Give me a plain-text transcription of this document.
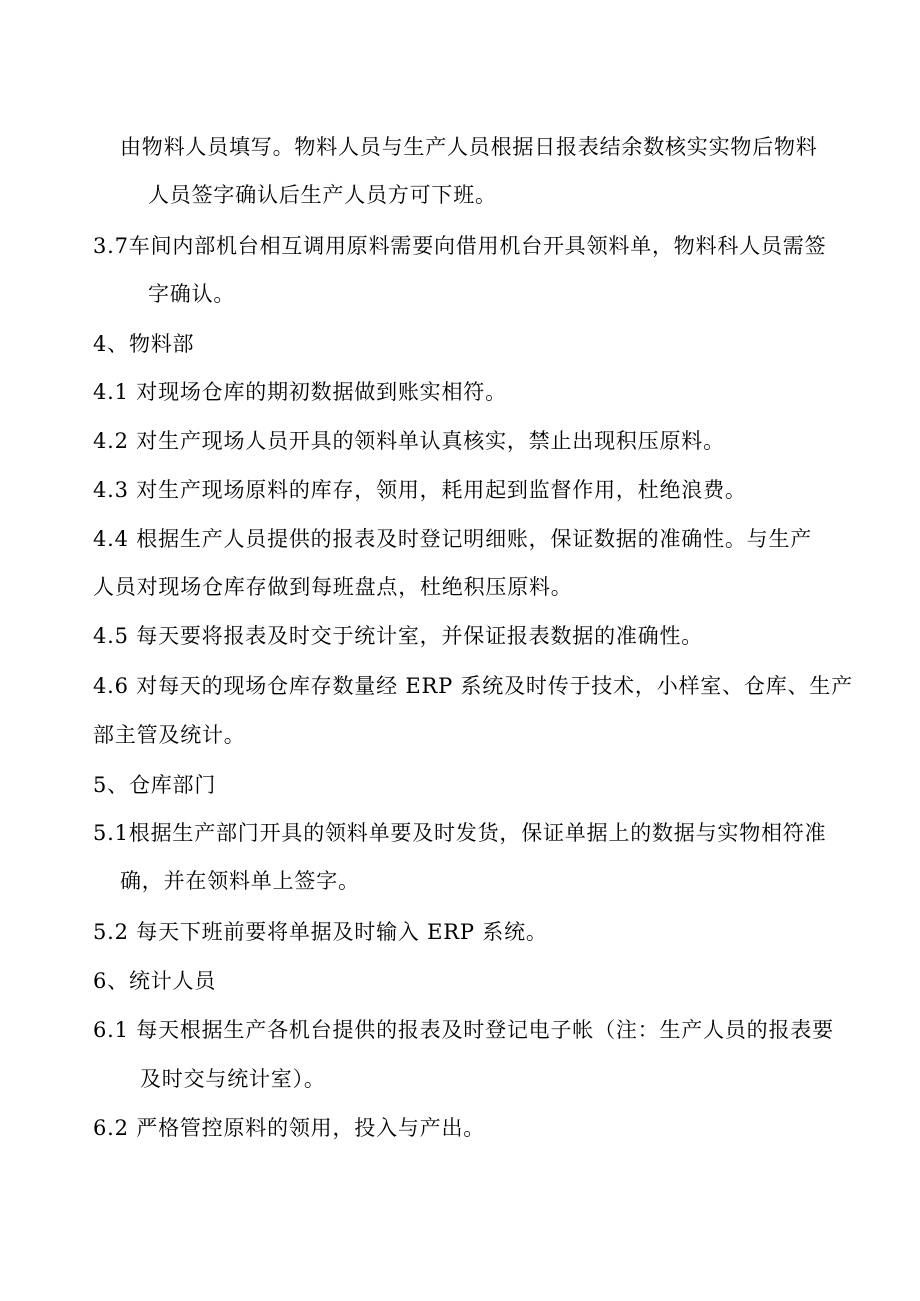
由物料人员填写。物料人员与生产人员根据日报表结余数核实实物后物料
人员签字确认后生产人员方可下班。
3.7车间内部机台相互调用原料需要向借用机台开具领料单，物料科人员需签
字确认。
4、物料部
4.1 对现场仓库的期初数据做到账实相符。
4.2 对生产现场人员开具的领料单认真核实，禁止出现积压原料。
4.3 对生产现场原料的库存，领用，耗用起到监督作用，杜绝浪费。
4.4 根据生产人员提供的报表及时登记明细账，保证数据的准确性。与生产
人员对现场仓库存做到每班盘点，杜绝积压原料。
4.5 每天要将报表及时交于统计室，并保证报表数据的准确性。
4.6 对每天的现场仓库存数量经 ERP 系统及时传于技术，小样室、仓库、生产
部主管及统计。
5、仓库部门
5.1根据生产部门开具的领料单要及时发货，保证单据上的数据与实物相符准
确，并在领料单上签字。
5.2 每天下班前要将单据及时输入 ERP 系统。
6、统计人员
6.1 每天根据生产各机台提供的报表及时登记电子帐（注：生产人员的报表要
及时交与统计室）。
6.2 严格管控原料的领用，投入与产出。
